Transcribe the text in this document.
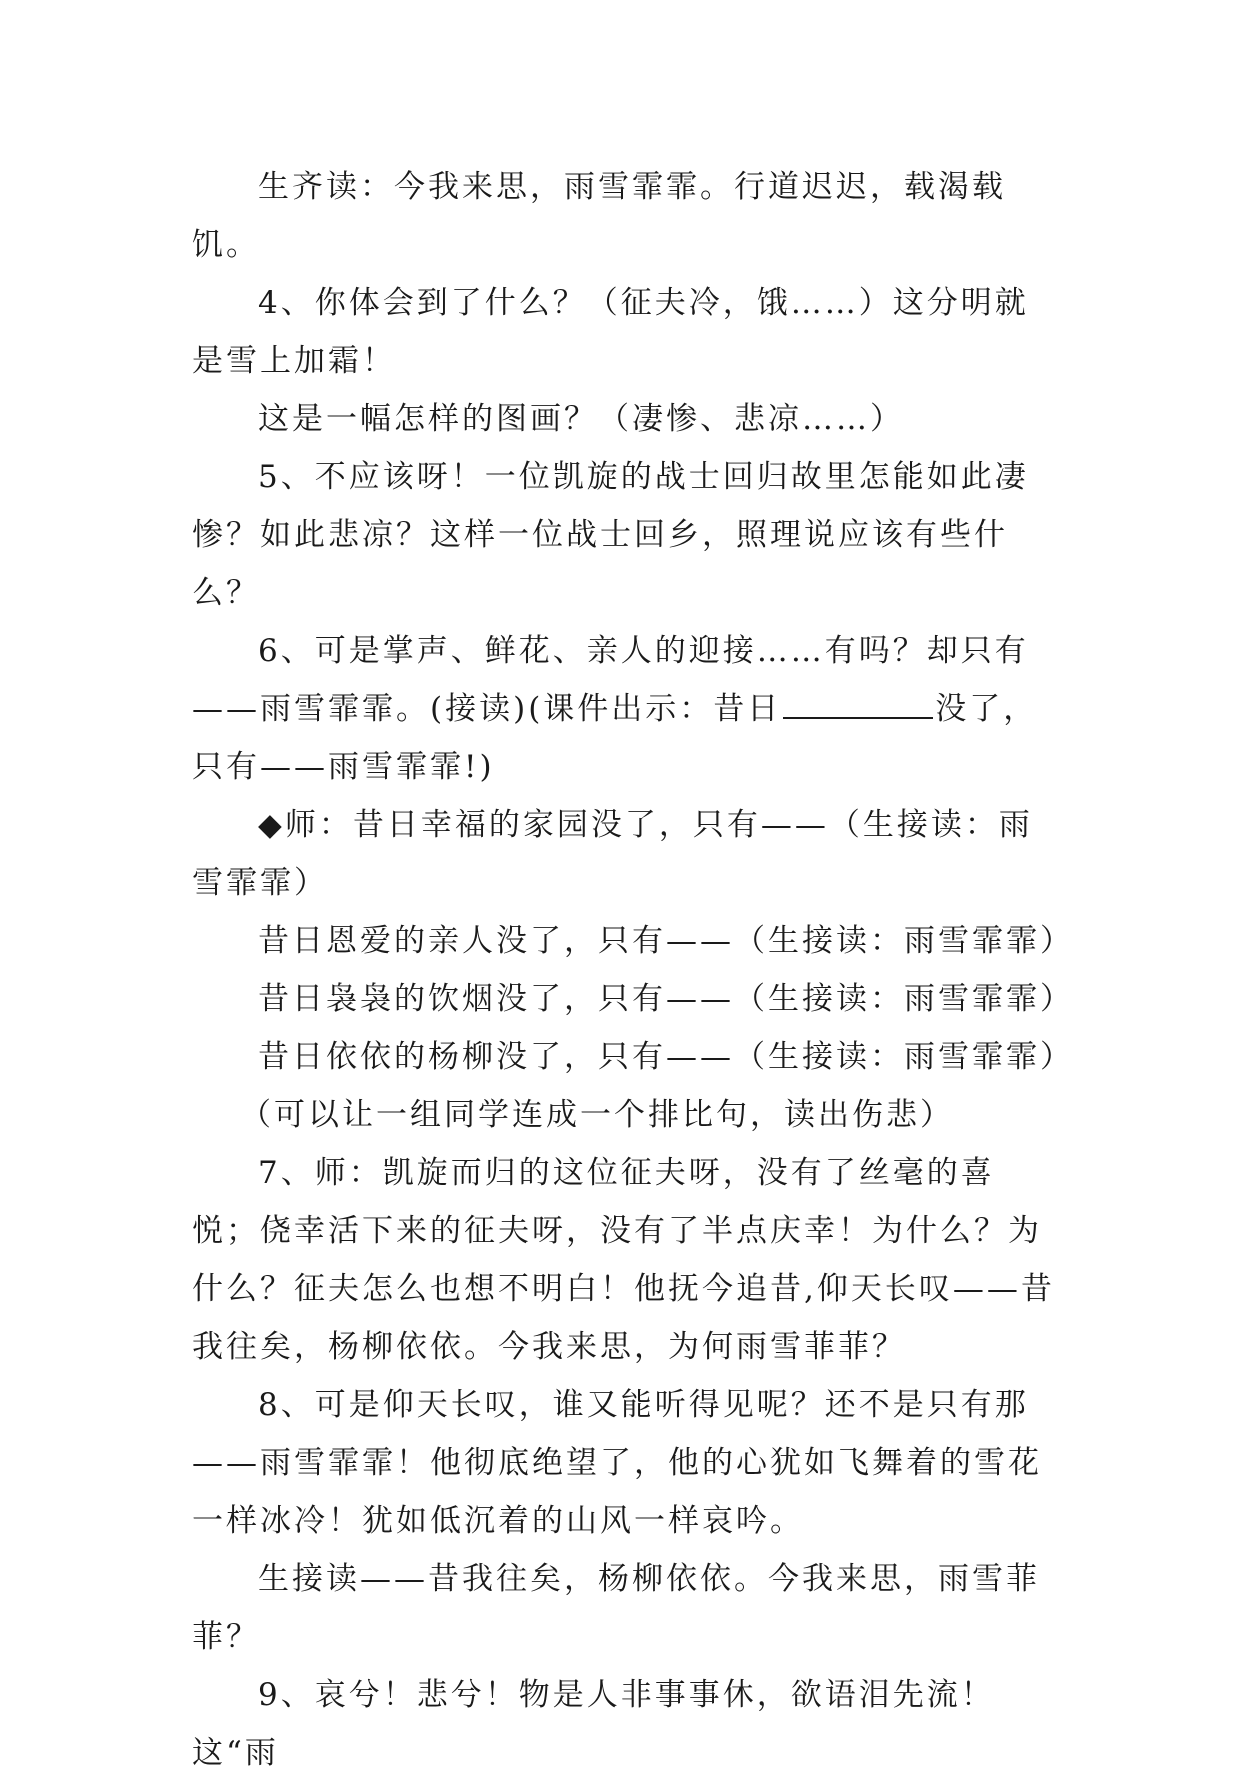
生齐读：今我来思，雨雪霏霏。行道迟迟，载渴载饥。

4、你体会到了什么？（征夫冷，饿……）这分明就是雪上加霜！

这是一幅怎样的图画？（凄惨、悲凉……）

5、不应该呀！一位凯旋的战士回归故里怎能如此凄惨？如此悲凉？这样一位战士回乡，照理说应该有些什么？

6、可是掌声、鲜花、亲人的迎接……有吗？却只有——雨雪霏霏。(接读)(课件出示：昔日	没了，只有——雨雪霏霏!)

◆师：昔日幸福的家园没了，只有——（生接读：雨雪霏霏）

昔日恩爱的亲人没了，只有——（生接读：雨雪霏霏）

昔日袅袅的饮烟没了，只有——（生接读：雨雪霏霏）

昔日依依的杨柳没了，只有——（生接读：雨雪霏霏）

（可以让一组同学连成一个排比句，读出伤悲）

7、师：凯旋而归的这位征夫呀，没有了丝毫的喜悦；侥幸活下来的征夫呀，没有了半点庆幸！为什么？为什么？征夫怎么也想不明白！他抚今追昔,仰天长叹——昔我往矣，杨柳依依。今我来思，为何雨雪菲菲？

8、可是仰天长叹，谁又能听得见呢？还不是只有那——雨雪霏霏！他彻底绝望了，他的心犹如飞舞着的雪花一样冰冷！犹如低沉着的山风一样哀吟。

生接读——昔我往矣，杨柳依依。今我来思，雨雪菲菲？

9、哀兮！悲兮！物是人非事事休，欲语泪先流！这“雨
